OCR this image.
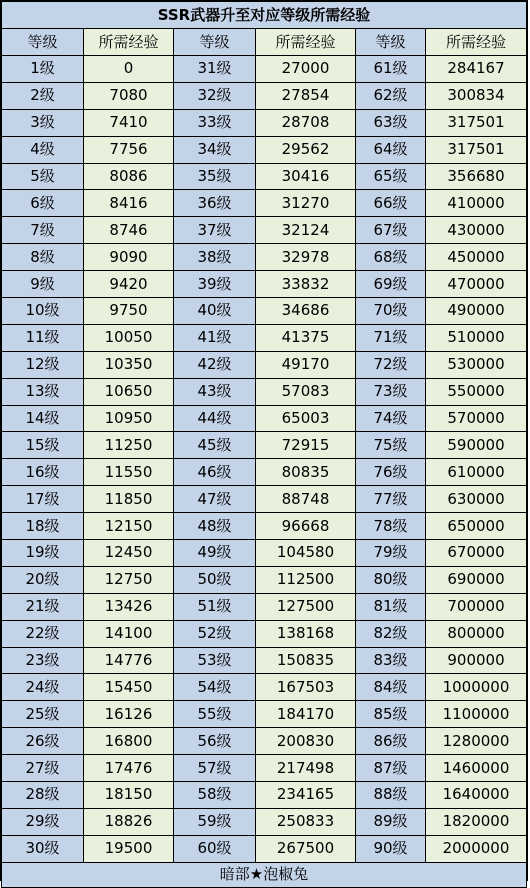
SSR武器升至对应等级所需经验					
等级	所需经验	等级	所需经验	等级	所需经验
1级	0	31级	27000	61级	284167
2级	7080	32级	27854	62级	300834
3级	7410	33级	28708	63级	317501
4级	7756	34级	29562	64级	317501
5级	8086	35级	30416	65级	356680
6级	8416	36级	31270	66级	410000
7级	8746	37级	32124	67级	430000
8级	9090	38级	32978	68级	450000
9级	9420	39级	33832	69级	470000
10级	9750	40级	34686	70级	490000
11级	10050	41级	41375	71级	510000
12级	10350	42级	49170	72级	530000
13级	10650	43级	57083	73级	550000
14级	10950	44级	65003	74级	570000
15级	11250	45级	72915	75级	590000
16级	11550	46级	80835	76级	610000
17级	11850	47级	88748	77级	630000
18级	12150	48级	96668	78级	650000
19级	12450	49级	104580	79级	670000
20级	12750	50级	112500	80级	690000
21级	13426	51级	127500	81级	700000
22级	14100	52级	138168	82级	800000
23级	14776	53级	150835	83级	900000
24级	15450	54级	167503	84级	1000000
25级	16126	55级	184170	85级	1100000
26级	16800	56级	200830	86级	1280000
27级	17476	57级	217498	87级	1460000
28级	18150	58级	234165	88级	1640000
29级	18826	59级	250833	89级	1820000
30级	19500	60级	267500	90级	2000000
暗部★泡椒兔					
